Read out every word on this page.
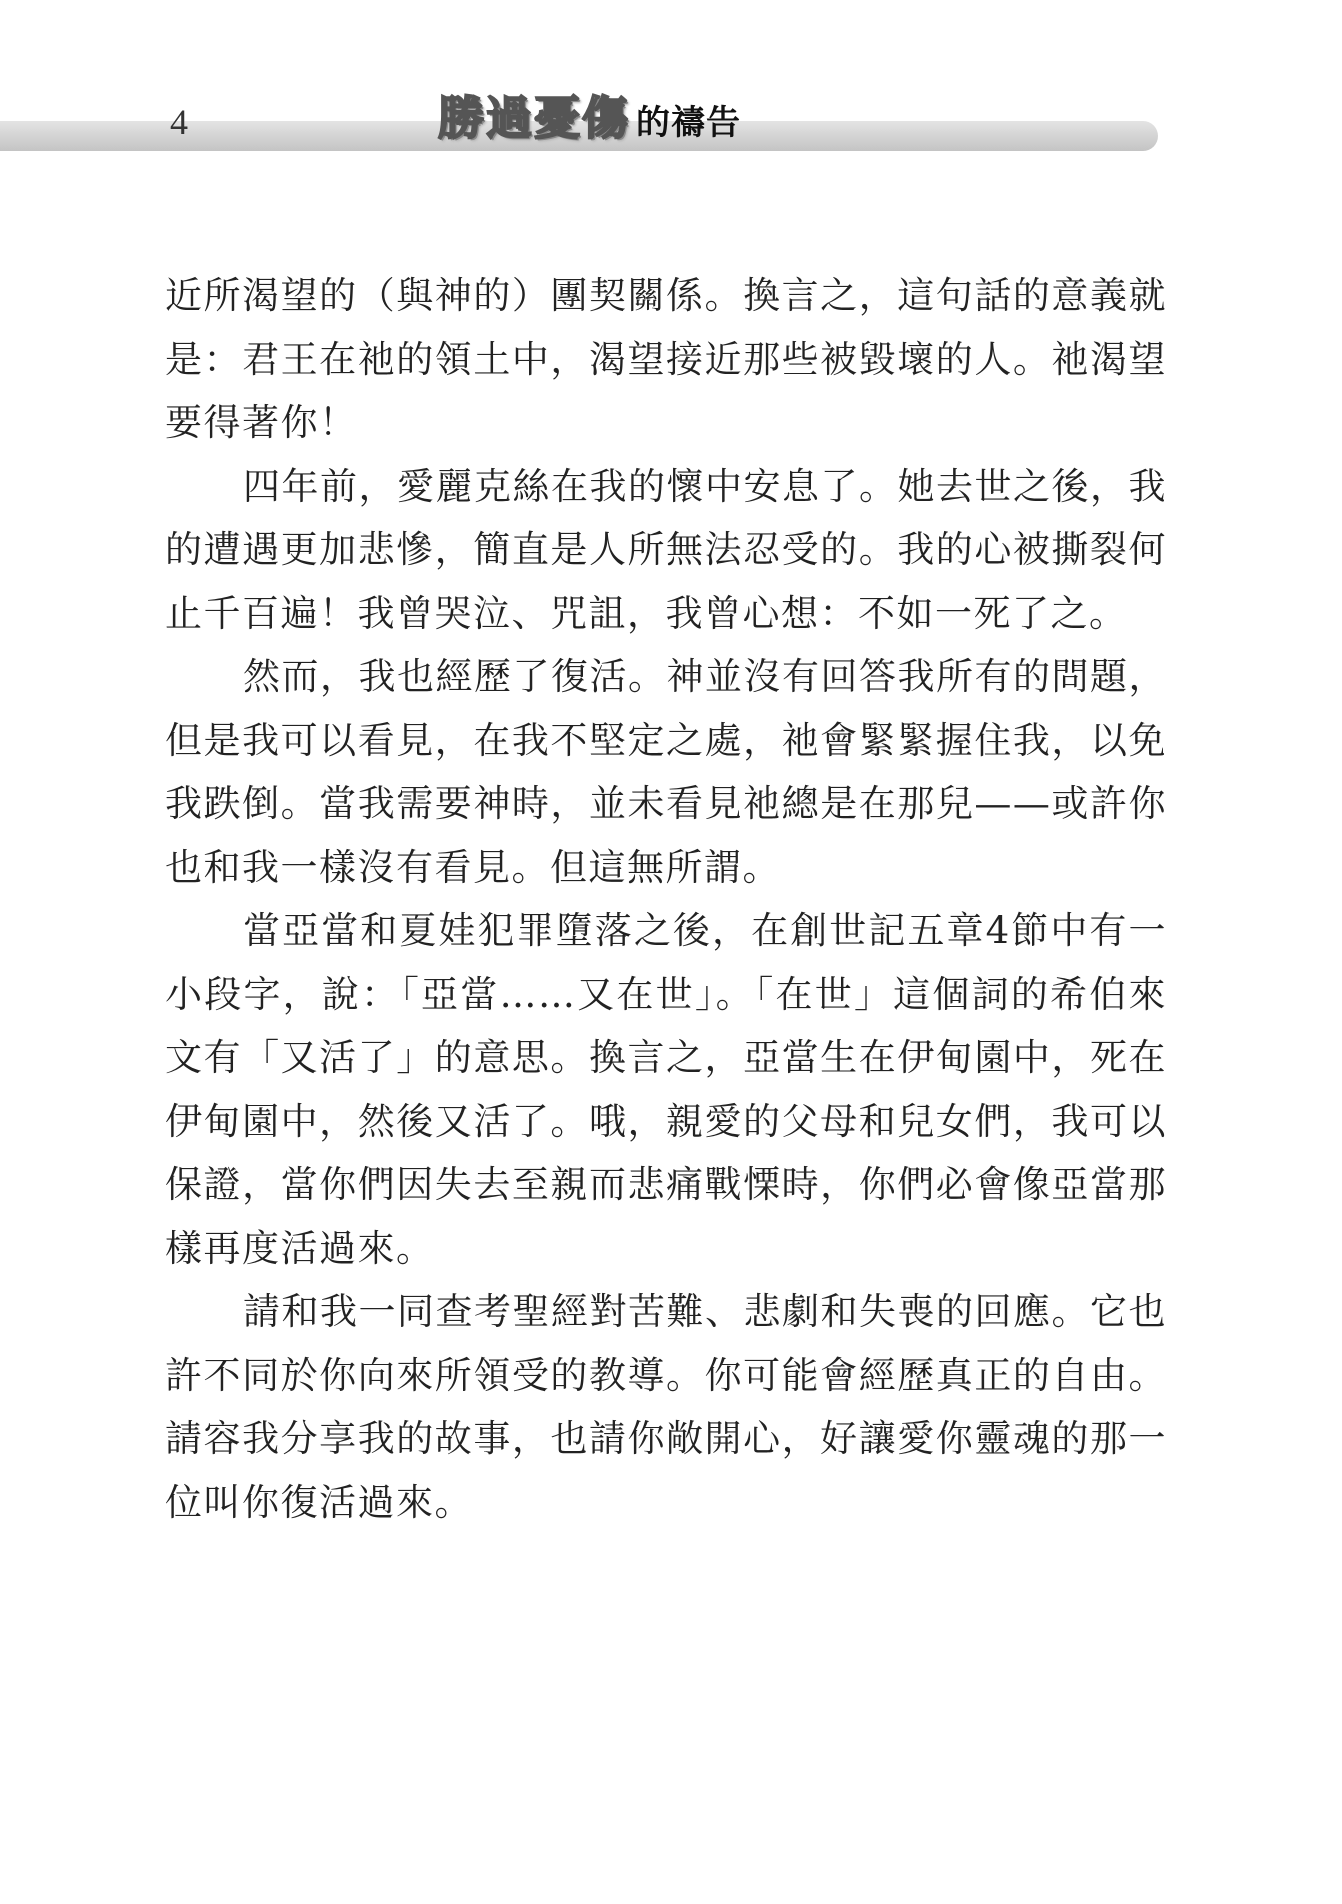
4	勝過憂傷 的禱告

近所渴望的（與神的）團契關係。換言之，這句話的意義就是：君王在祂的領土中，渴望接近那些被毀壞的人。祂渴望要得著你！

四年前，愛麗克絲在我的懷中安息了。她去世之後，我的遭遇更加悲慘，簡直是人所無法忍受的。我的心被撕裂何止千百遍！我曾哭泣、咒詛，我曾心想：不如一死了之。

然而，我也經歷了復活。神並沒有回答我所有的問題，但是我可以看見，在我不堅定之處，祂會緊緊握住我，以免我跌倒。當我需要神時，並未看見祂總是在那兒——或許你也和我一樣沒有看見。但這無所謂。

當亞當和夏娃犯罪墮落之後，在創世記五章4節中有一小段字，說：「亞當……又在世」。「在世」這個詞的希伯來文有「又活了」的意思。換言之，亞當生在伊甸園中，死在伊甸園中，然後又活了。哦，親愛的父母和兒女們，我可以保證，當你們因失去至親而悲痛戰慄時，你們必會像亞當那樣再度活過來。

請和我一同查考聖經對苦難、悲劇和失喪的回應。它也許不同於你向來所領受的教導。你可能會經歷真正的自由。請容我分享我的故事，也請你敞開心，好讓愛你靈魂的那一位叫你復活過來。
